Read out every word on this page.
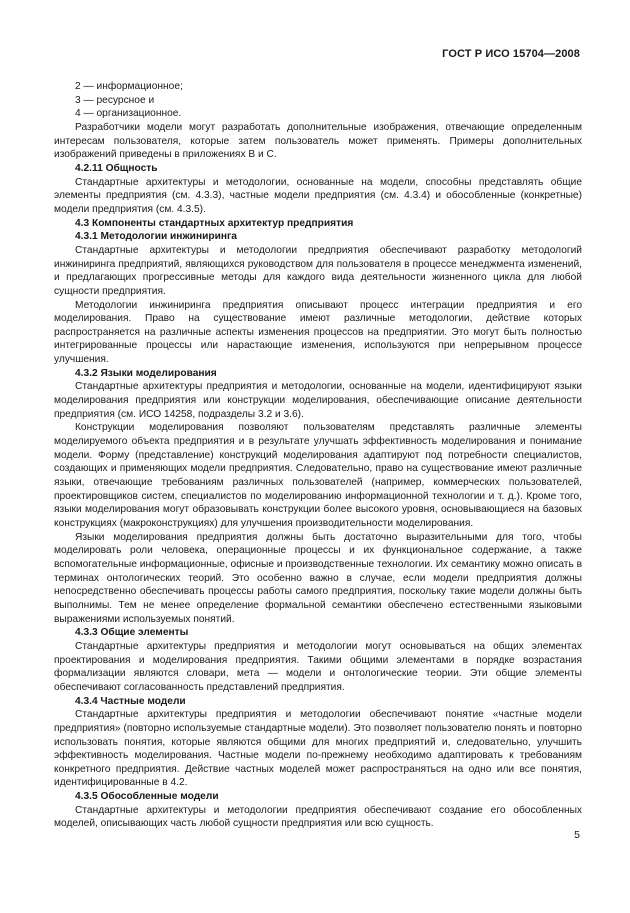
ГОСТ Р ИСО 15704—2008
2 — информационное;
3 — ресурсное и
4 — организационное.

Разработчики модели могут разработать дополнительные изображения, отвечающие определенным интересам пользователя, которые затем пользователь может применять. Примеры дополнительных изображений приведены в приложениях В и С.

4.2.11 Общность

Стандартные архитектуры и методологии, основанные на модели, способны представлять общие элементы предприятия (см. 4.3.3), частные модели предприятия (см. 4.3.4) и обособленные (конкретные) модели предприятия (см. 4.3.5).

4.3 Компоненты стандартных архитектур предприятия
4.3.1 Методологии инжиниринга

Стандартные архитектуры и методологии предприятия обеспечивают разработку методологий инжиниринга предприятий, являющихся руководством для пользователя в процессе менеджмента изменений, и предлагающих прогрессивные методы для каждого вида деятельности жизненного цикла для любой сущности предприятия.

Методологии инжиниринга предприятия описывают процесс интеграции предприятия и его моделирования. Право на существование имеют различные методологии, действие которых распространяется на различные аспекты изменения процессов на предприятии. Это могут быть полностью интегрированные процессы или нарастающие изменения, используются при непрерывном процессе улучшения.

4.3.2 Языки моделирования

Стандартные архитектуры предприятия и методологии, основанные на модели, идентифицируют языки моделирования предприятия или конструкции моделирования, обеспечивающие описание деятельности предприятия (см. ИСО 14258, подразделы 3.2 и 3.6).

Конструкции моделирования позволяют пользователям представлять различные элементы моделируемого объекта предприятия и в результате улучшать эффективность моделирования и понимание модели. Форму (представление) конструкций моделирования адаптируют под потребности специалистов, создающих и применяющих модели предприятия. Следовательно, право на существование имеют различные языки, отвечающие требованиям различных пользователей (например, коммерческих пользователей, проектировщиков систем, специалистов по моделированию информационной технологии и т. д.). Кроме того, языки моделирования могут образовывать конструкции более высокого уровня, основывающиеся на базовых конструкциях (макроконструкциях) для улучшения производительности моделирования.

Языки моделирования предприятия должны быть достаточно выразительными для того, чтобы моделировать роли человека, операционные процессы и их функциональное содержание, а также вспомогательные информационные, офисные и производственные технологии. Их семантику можно описать в терминах онтологических теорий. Это особенно важно в случае, если модели предприятия должны непосредственно обеспечивать процессы работы самого предприятия, поскольку такие модели должны быть выполнимы. Тем не менее определение формальной семантики обеспечено естественными языковыми выражениями используемых понятий.

4.3.3 Общие элементы

Стандартные архитектуры предприятия и методологии могут основываться на общих элементах проектирования и моделирования предприятия. Такими общими элементами в порядке возрастания формализации являются словари, мета — модели и онтологические теории. Эти общие элементы обеспечивают согласованность представлений предприятия.

4.3.4 Частные модели

Стандартные архитектуры предприятия и методологии обеспечивают понятие «частные модели предприятия» (повторно используемые стандартные модели). Это позволяет пользователю понять и повторно использовать понятия, которые являются общими для многих предприятий и, следовательно, улучшить эффективность моделирования. Частные модели по-прежнему необходимо адаптировать к требованиям конкретного предприятия. Действие частных моделей может распространяться на одно или все понятия, идентифицированные в 4.2.

4.3.5 Обособленные модели

Стандартные архитектуры и методологии предприятия обеспечивают создание его обособленных моделей, описывающих часть любой сущности предприятия или всю сущность.

5
